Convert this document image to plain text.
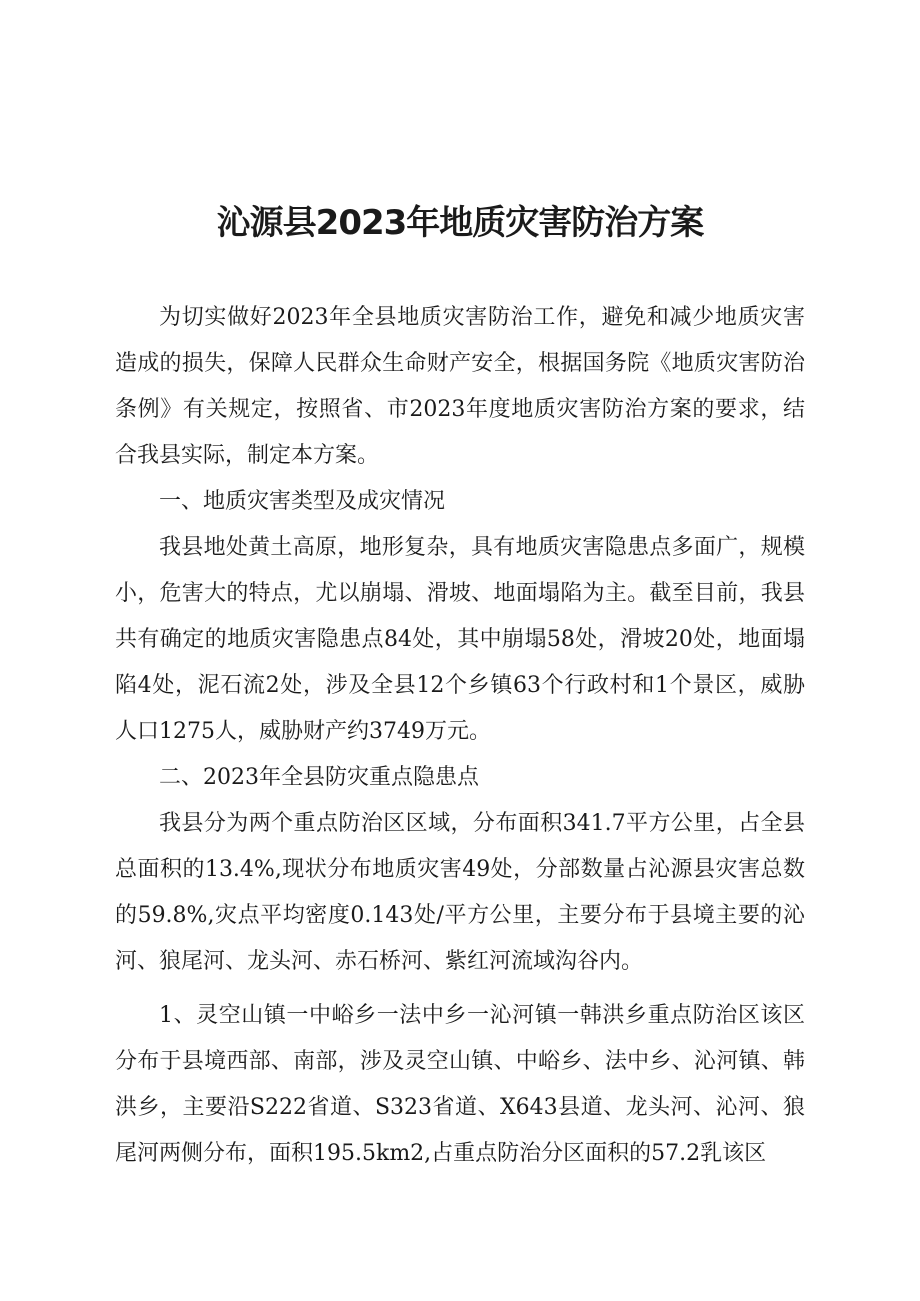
沁源县2023年地质灾害防治方案

为切实做好2023年全县地质灾害防治工作，避免和减少地质灾害造成的损失，保障人民群众生命财产安全，根据国务院《地质灾害防治条例》有关规定，按照省、市2023年度地质灾害防治方案的要求，结合我县实际，制定本方案。

一、地质灾害类型及成灾情况

我县地处黄土高原，地形复杂，具有地质灾害隐患点多面广，规模小，危害大的特点，尤以崩塌、滑坡、地面塌陷为主。截至目前，我县共有确定的地质灾害隐患点84处，其中崩塌58处，滑坡20处，地面塌陷4处，泥石流2处，涉及全县12个乡镇63个行政村和1个景区，威胁人口1275人，威胁财产约3749万元。

二、2023年全县防灾重点隐患点

我县分为两个重点防治区区域，分布面积341.7平方公里，占全县总面积的13.4%,现状分布地质灾害49处，分部数量占沁源县灾害总数的59.8%,灾点平均密度0.143处/平方公里，主要分布于县境主要的沁河、狼尾河、龙头河、赤石桥河、紫红河流域沟谷内。

1、灵空山镇一中峪乡一法中乡一沁河镇一韩洪乡重点防治区该区分布于县境西部、南部，涉及灵空山镇、中峪乡、法中乡、沁河镇、韩洪乡，主要沿S222省道、S323省道、X643县道、龙头河、沁河、狼尾河两侧分布，面积195.5km2,占重点防治分区面积的57.2乳该区
